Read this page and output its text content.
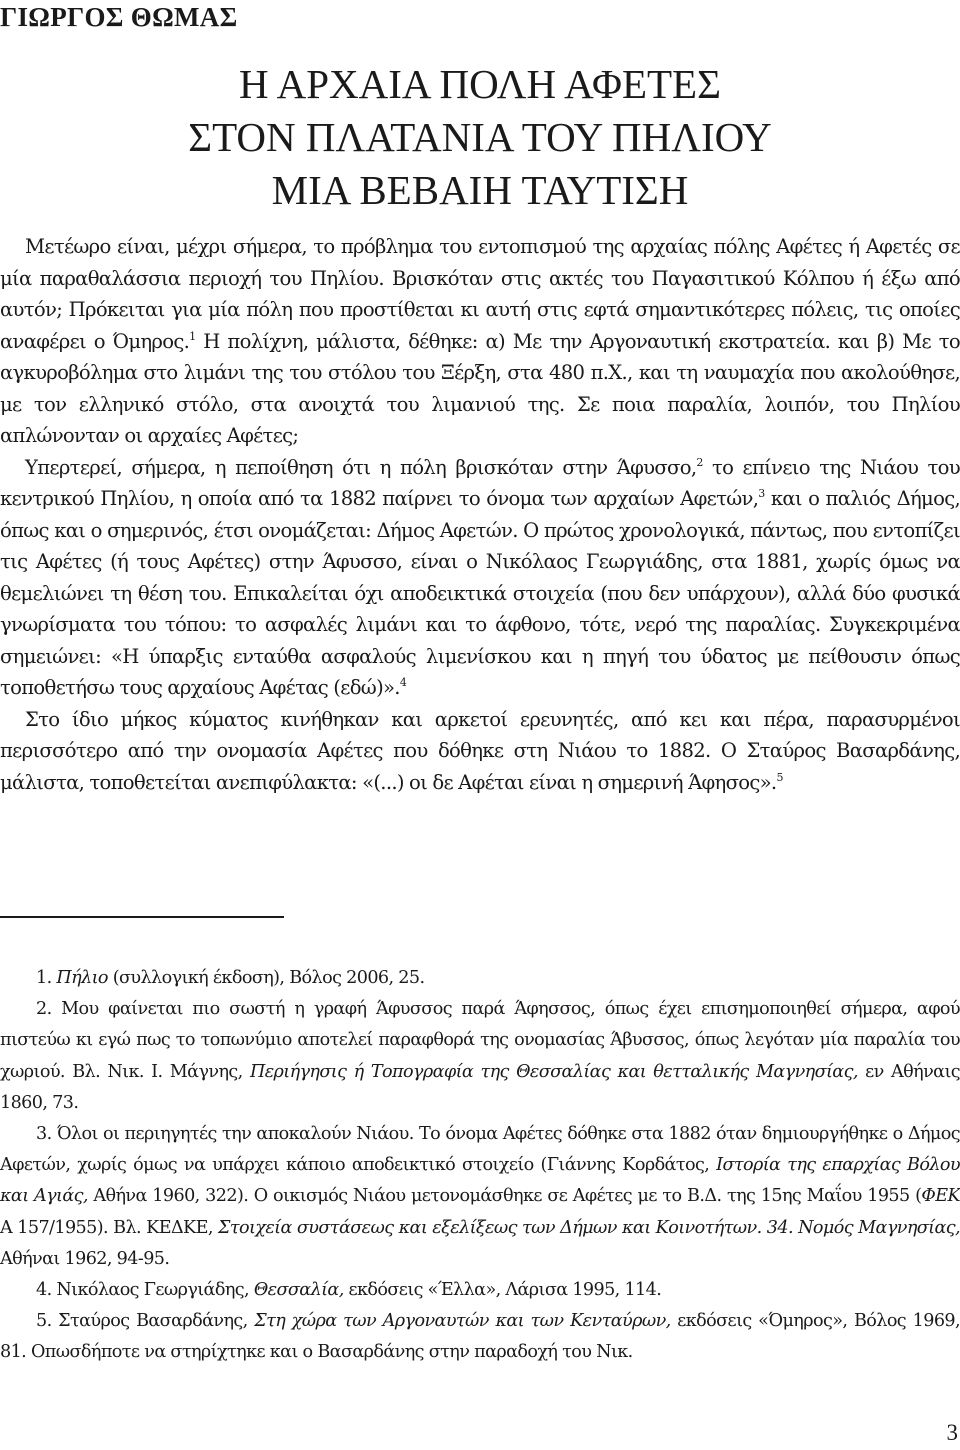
ΓΙΩΡΓΟΣ ΘΩΜΑΣ
Η ΑΡΧΑΙΑ ΠΟΛΗ ΑΦΕΤΕΣ
ΣΤΟΝ ΠΛΑΤΑΝΙΑ ΤΟΥ ΠΗΛΙΟΥ
ΜΙΑ ΒΕΒΑΙΗ ΤΑΥΤΙΣΗ

Μετέωρο είναι, μέχρι σήμερα, το πρόβλημα του εντοπισμού της αρχαίας πόλης Αφέτες ή Αφετές σε μία παραθαλάσσια περιοχή του Πηλίου. Βρισκόταν στις ακτές του Παγασιτικού Κόλπου ή έξω από αυτόν; Πρόκειται για μία πόλη που προστίθεται κι αυτή στις εφτά σημαντικότερες πόλεις, τις οποίες αναφέρει ο Όμηρος.$^1$ Η πολίχνη, μάλιστα, δέθηκε: α) Με την Αργοναυτική εκστρατεία. και β) Με το αγκυροβόλημα στο λιμάνι της του στόλου του Ξέρξη, στα 480 π.Χ., και τη ναυμαχία που ακολούθησε, με τον ελληνικό στόλο, στα ανοιχτά του λιμανιού της. Σε ποια παραλία, λοιπόν, του Πηλίου απλώνονταν οι αρχαίες Αφέτες;

Υπερτερεί, σήμερα, η πεποίθηση ότι η πόλη βρισκόταν στην Άφυσσο,$^2$ το επίνειο της Νιάου του κεντρικού Πηλίου, η οποία από τα 1882 παίρνει το όνομα των αρχαίων Αφετών,$^3$ και ο παλιός Δήμος, όπως και ο σημερινός, έτσι ονομάζεται: Δήμος Αφετών. Ο πρώτος χρονολογικά, πάντως, που εντοπίζει τις Αφέτες (ή τους Αφέτες) στην Άφυσσο, είναι ο Νικόλαος Γεωργιάδης, στα 1881, χωρίς όμως να θεμελιώνει τη θέση του. Επικαλείται όχι αποδεικτικά στοιχεία (που δεν υπάρχουν), αλλά δύο φυσικά γνωρίσματα του τόπου: το ασφαλές λιμάνι και το άφθονο, τότε, νερό της παραλίας. Συγκεκριμένα σημειώνει: «Η ύπαρξις ενταύθα ασφαλούς λιμενίσκου και η πηγή του ύδατος με πείθουσιν όπως τοποθετήσω τους αρχαίους Αφέτας (εδώ)».$^4$

Στο ίδιο μήκος κύματος κινήθηκαν και αρκετοί ερευνητές, από κει και πέρα, παρασυρμένοι περισσότερο από την ονομασία Αφέτες που δόθηκε στη Νιάου το 1882. Ο Σταύρος Βασαρδάνης, μάλιστα, τοποθετείται ανεπιφύλακτα: «(...) οι δε Αφέται είναι η σημερινή Άφησος».$^5$

1. Πήλιο (συλλογική έκδοση), Βόλος 2006, 25.

2. Μου φαίνεται πιο σωστή η γραφή Άφυσσος παρά Άφησσος, όπως έχει επισημοποιηθεί σήμερα, αφού πιστεύω κι εγώ πως το τοπωνύμιο αποτελεί παραφθορά της ονομασίας Άβυσσος, όπως λεγόταν μία παραλία του χωριού. Βλ. Νικ. Ι. Μάγνης, Περιήγησις ή Τοπογραφία της Θεσσαλίας και θετταλικής Μαγνησίας, εν Αθήναις 1860, 73.

3. Όλοι οι περιηγητές την αποκαλούν Νιάου. Το όνομα Αφέτες δόθηκε στα 1882 όταν δημιουργήθηκε ο Δήμος Αφετών, χωρίς όμως να υπάρχει κάποιο αποδεικτικό στοιχείο (Γιάννης Κορδάτος, Ιστορία της επαρχίας Βόλου και Αγιάς, Αθήνα 1960, 322). Ο οικισμός Νιάου μετονομάσθηκε σε Αφέτες με το Β.Δ. της 15ης Μαΐου 1955 (ΦΕΚ Α 157/1955). Βλ. ΚΕΔΚΕ, Στοιχεία συστάσεως και εξελίξεως των Δήμων και Κοινοτήτων. 34. Νομός Μαγνησίας, Αθήναι 1962, 94-95.

4. Νικόλαος Γεωργιάδης, Θεσσαλία, εκδόσεις «Έλλα», Λάρισα 1995, 114.

5. Σταύρος Βασαρδάνης, Στη χώρα των Αργοναυτών και των Κενταύρων, εκδόσεις «Όμηρος», Βόλος 1969, 81. Οπωσδήποτε να στηρίχτηκε και ο Βασαρδάνης στην παραδοχή του Νικ.

3
